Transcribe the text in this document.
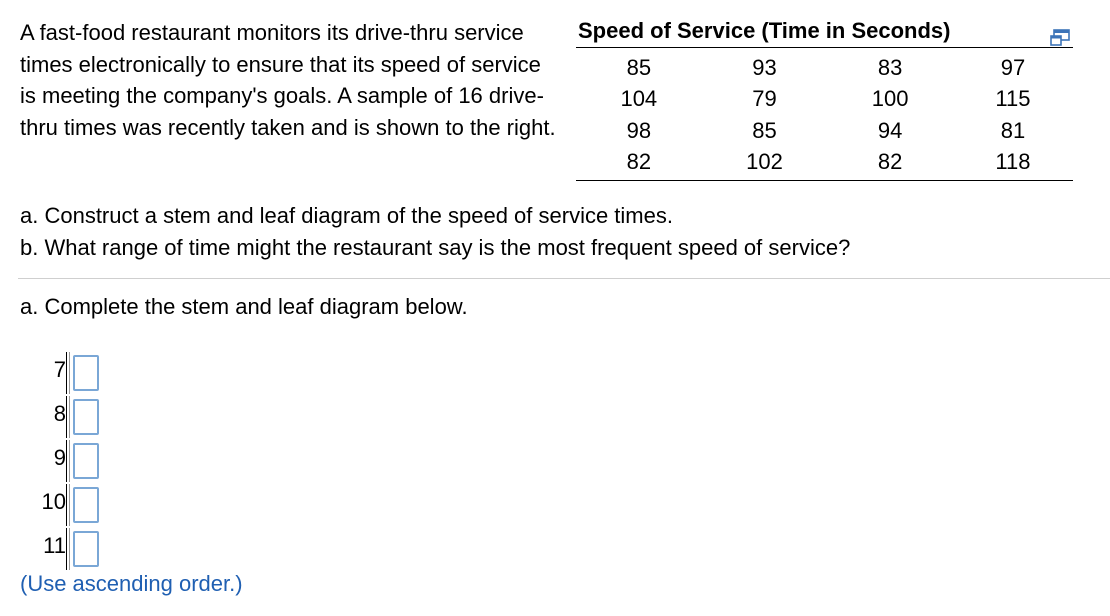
A fast-food restaurant monitors its drive-thru service times electronically to ensure that its speed of service is meeting the company's goals. A sample of 16 drive-thru times was recently taken and is shown to the right.

Speed of Service (Time in Seconds)
85	93	83	97
104	79	100	115
98	85	94	81
82	102	82	118
a. Construct a stem and leaf diagram of the speed of service times.
b. What range of time might the restaurant say is the most frequent speed of service?

a. Complete the stem and leaf diagram below.

7
8
9
10
11

(Use ascending order.)
